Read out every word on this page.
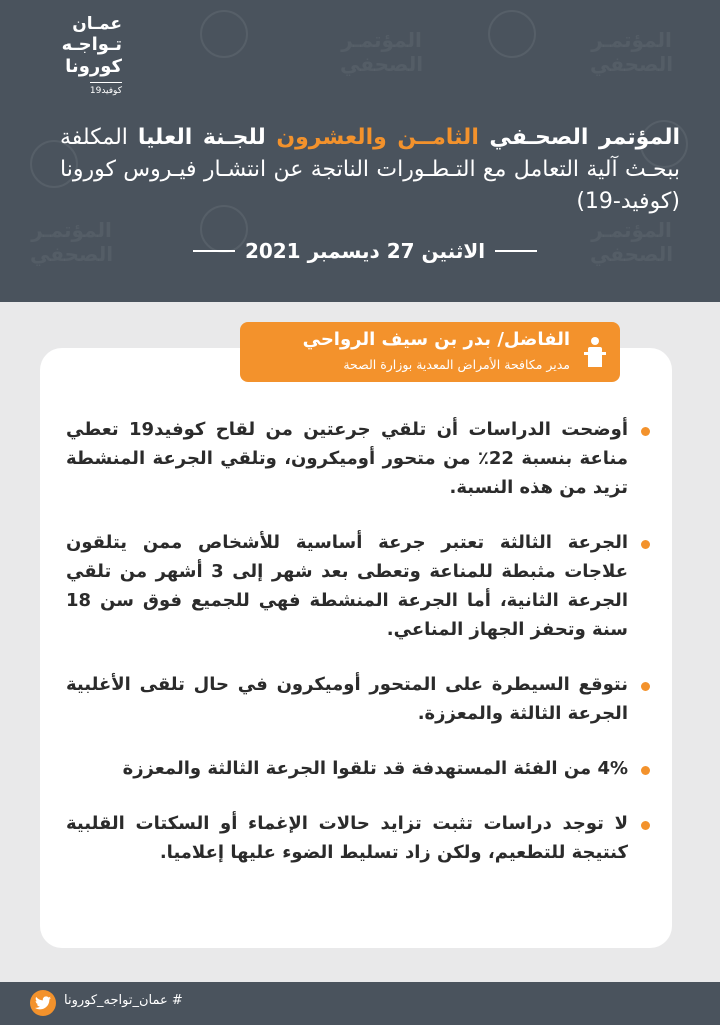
المؤتمـر
الصحفي
المؤتمـر
الصحفي
المؤتمـر
الصحفي
المؤتمـر
الصحفي
عمـان
تـواجـه
كورونا
كوفيد19
المؤتمر الصحـفي الثامــن والعشرون للجـنة العليا المكلفة ببحـث آلية التعامل مع التـطـورات الناتجة عن انتشـار فيـروس كورونا (كوفيد-19)
الاثنين 27 ديسمبر 2021
الفاضل/ بدر بن سيف الرواحي
مدير مكافحة الأمراض المعدية بوزارة الصحة
أوضحت الدراسات أن تلقي جرعتين من لقاح كوفيد19 تعطي مناعة بنسبة 22٪ من متحور أوميكرون، وتلقي الجرعة المنشطة تزيد من هذه النسبة.
الجرعة الثالثة تعتبر جرعة أساسية للأشخاص ممن يتلقون علاجات مثبطة للمناعة وتعطى بعد شهر إلى 3 أشهر من تلقي الجرعة الثانية، أما الجرعة المنشطة فهي للجميع فوق سن 18 سنة وتحفز الجهاز المناعي.
نتوقع السيطرة على المتحور أوميكرون في حال تلقى الأغلبية الجرعة الثالثة والمعززة.
4% من الفئة المستهدفة قد تلقوا الجرعة الثالثة والمعززة
لا توجد دراسات تثبت تزايد حالات الإغماء أو السكتات القلبية كنتيجة للتطعيم، ولكن زاد تسليط الضوء عليها إعلاميا.
# عمان_تواجه_كورونا
